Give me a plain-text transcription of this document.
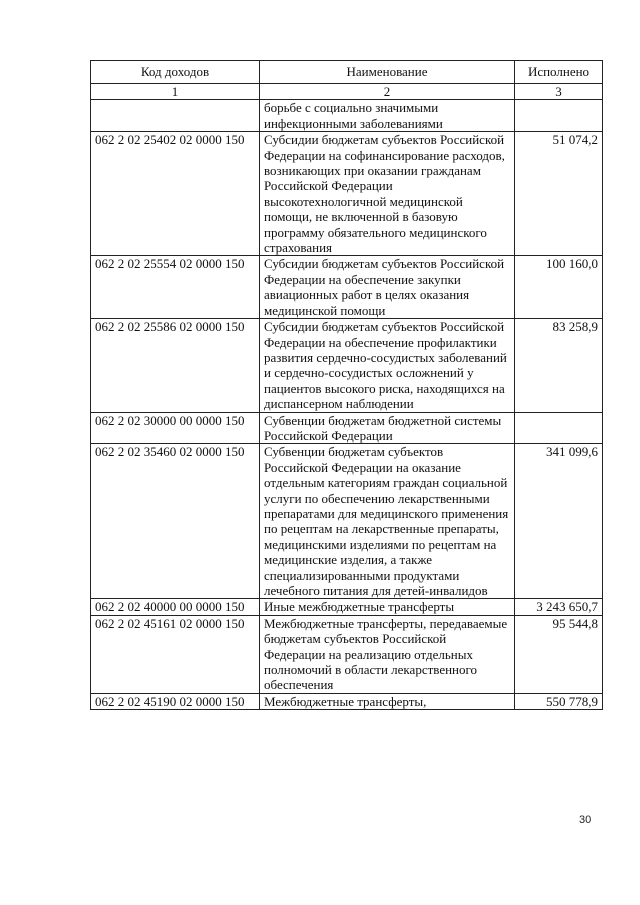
Код доходов	Наименование	Исполнено
1	2	3
	борьбе с социально значимыми инфекционными заболеваниями	
062 2 02 25402 02 0000 150	Субсидии бюджетам субъектов Российской Федерации на софинансирование расходов, возникающих при оказании гражданам Российской Федерации высокотехнологичной медицинской помощи, не включенной в базовую программу обязательного медицинского страхования	51 074,2
062 2 02 25554 02 0000 150	Субсидии бюджетам субъектов Российской Федерации на обеспечение закупки авиационных работ в целях оказания медицинской помощи	100 160,0
062 2 02 25586 02 0000 150	Субсидии бюджетам субъектов Российской Федерации на обеспечение профилактики развития сердечно-сосудистых заболеваний и сердечно-сосудистых осложнений у пациентов высокого риска, находящихся на диспансерном наблюдении	83 258,9
062 2 02 30000 00 0000 150	Субвенции бюджетам бюджетной системы Российской Федерации	
062 2 02 35460 02 0000 150	Субвенции бюджетам субъектов Российской Федерации на оказание отдельным категориям граждан социальной услуги по обеспечению лекарственными препаратами для медицинского применения по рецептам на лекарственные препараты, медицинскими изделиями по рецептам на медицинские изделия, а также специализированными продуктами лечебного питания для детей-инвалидов	341 099,6
062 2 02 40000 00 0000 150	Иные межбюджетные трансферты	3 243 650,7
062 2 02 45161 02 0000 150	Межбюджетные трансферты, передаваемые бюджетам субъектов Российской Федерации на реализацию отдельных полномочий в области лекарственного обеспечения	95 544,8
062 2 02 45190 02 0000 150	Межбюджетные трансферты,	550 778,9
30
